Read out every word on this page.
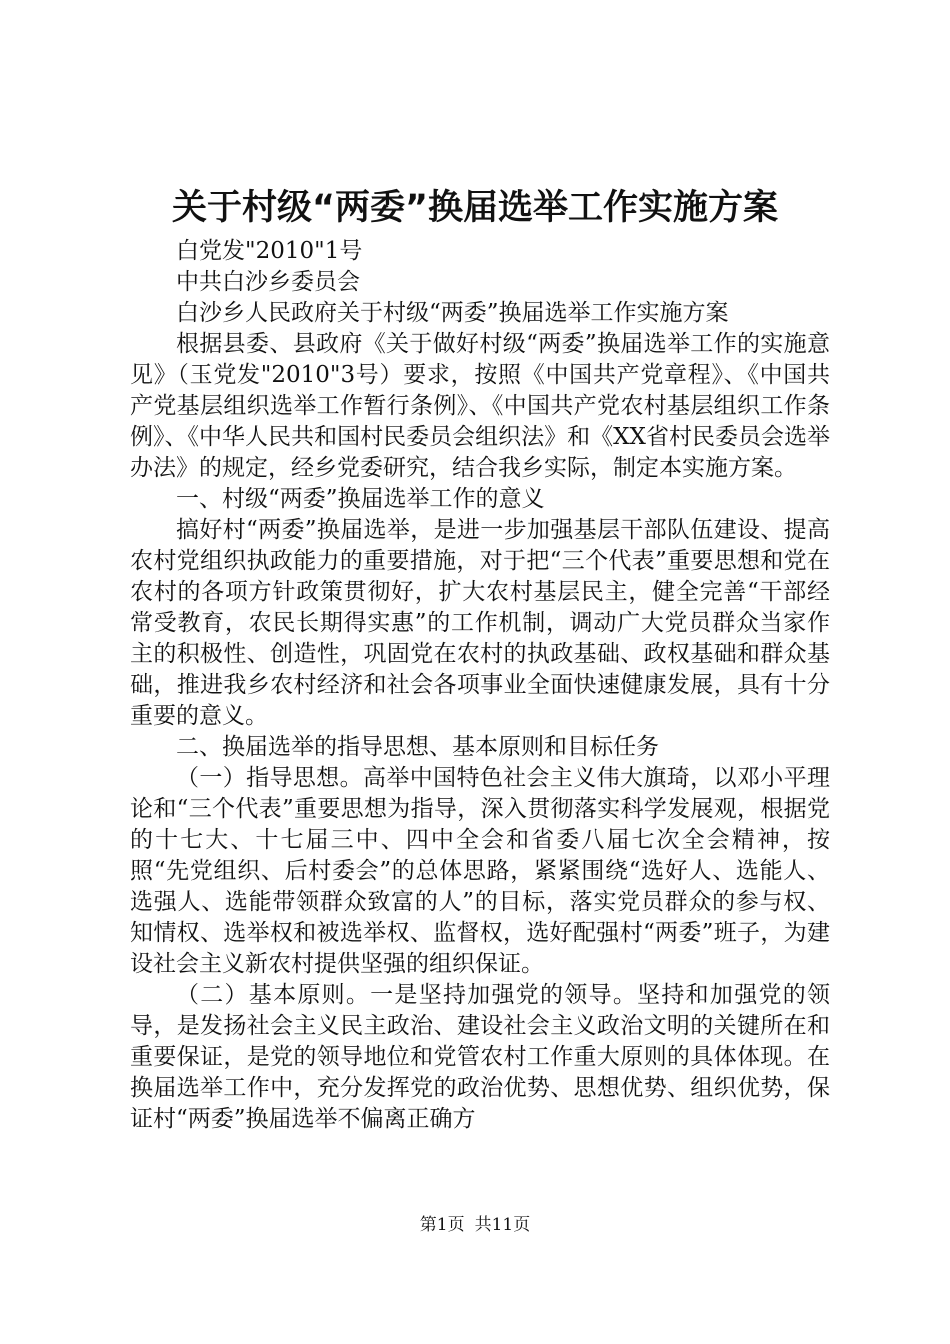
关于村级“两委”换届选举工作实施方案

白党发"2010"1号

中共白沙乡委员会

白沙乡人民政府关于村级“两委”换届选举工作实施方案

根据县委、县政府《关于做好村级“两委”换届选举工作的实施意见》（玉党发"2010"3号）要求，按照《中国共产党章程》、《中国共产党基层组织选举工作暂行条例》、《中国共产党农村基层组织工作条例》、《中华人民共和国村民委员会组织法》和《XX省村民委员会选举办法》的规定，经乡党委研究，结合我乡实际，制定本实施方案。

一、村级“两委”换届选举工作的意义

搞好村“两委”换届选举，是进一步加强基层干部队伍建设、提高农村党组织执政能力的重要措施，对于把“三个代表”重要思想和党在农村的各项方针政策贯彻好，扩大农村基层民主，健全完善“干部经常受教育，农民长期得实惠”的工作机制，调动广大党员群众当家作主的积极性、创造性，巩固党在农村的执政基础、政权基础和群众基础，推进我乡农村经济和社会各项事业全面快速健康发展，具有十分重要的意义。

二、换届选举的指导思想、基本原则和目标任务

（一）指导思想。高举中国特色社会主义伟大旗琦，以邓小平理论和“三个代表”重要思想为指导，深入贯彻落实科学发展观，根据党的十七大、十七届三中、四中全会和省委八届七次全会精神，按照“先党组织、后村委会”的总体思路，紧紧围绕“选好人、选能人、选强人、选能带领群众致富的人”的目标，落实党员群众的参与权、知情权、选举权和被选举权、监督权，选好配强村“两委”班子，为建设社会主义新农村提供坚强的组织保证。

（二）基本原则。一是坚持加强党的领导。坚持和加强党的领导，是发扬社会主义民主政治、建设社会主义政治文明的关键所在和重要保证，是党的领导地位和党管农村工作重大原则的具体体现。在换届选举工作中，充分发挥党的政治优势、思想优势、组织优势，保证村“两委”换届选举不偏离正确方

第1页 共11页
